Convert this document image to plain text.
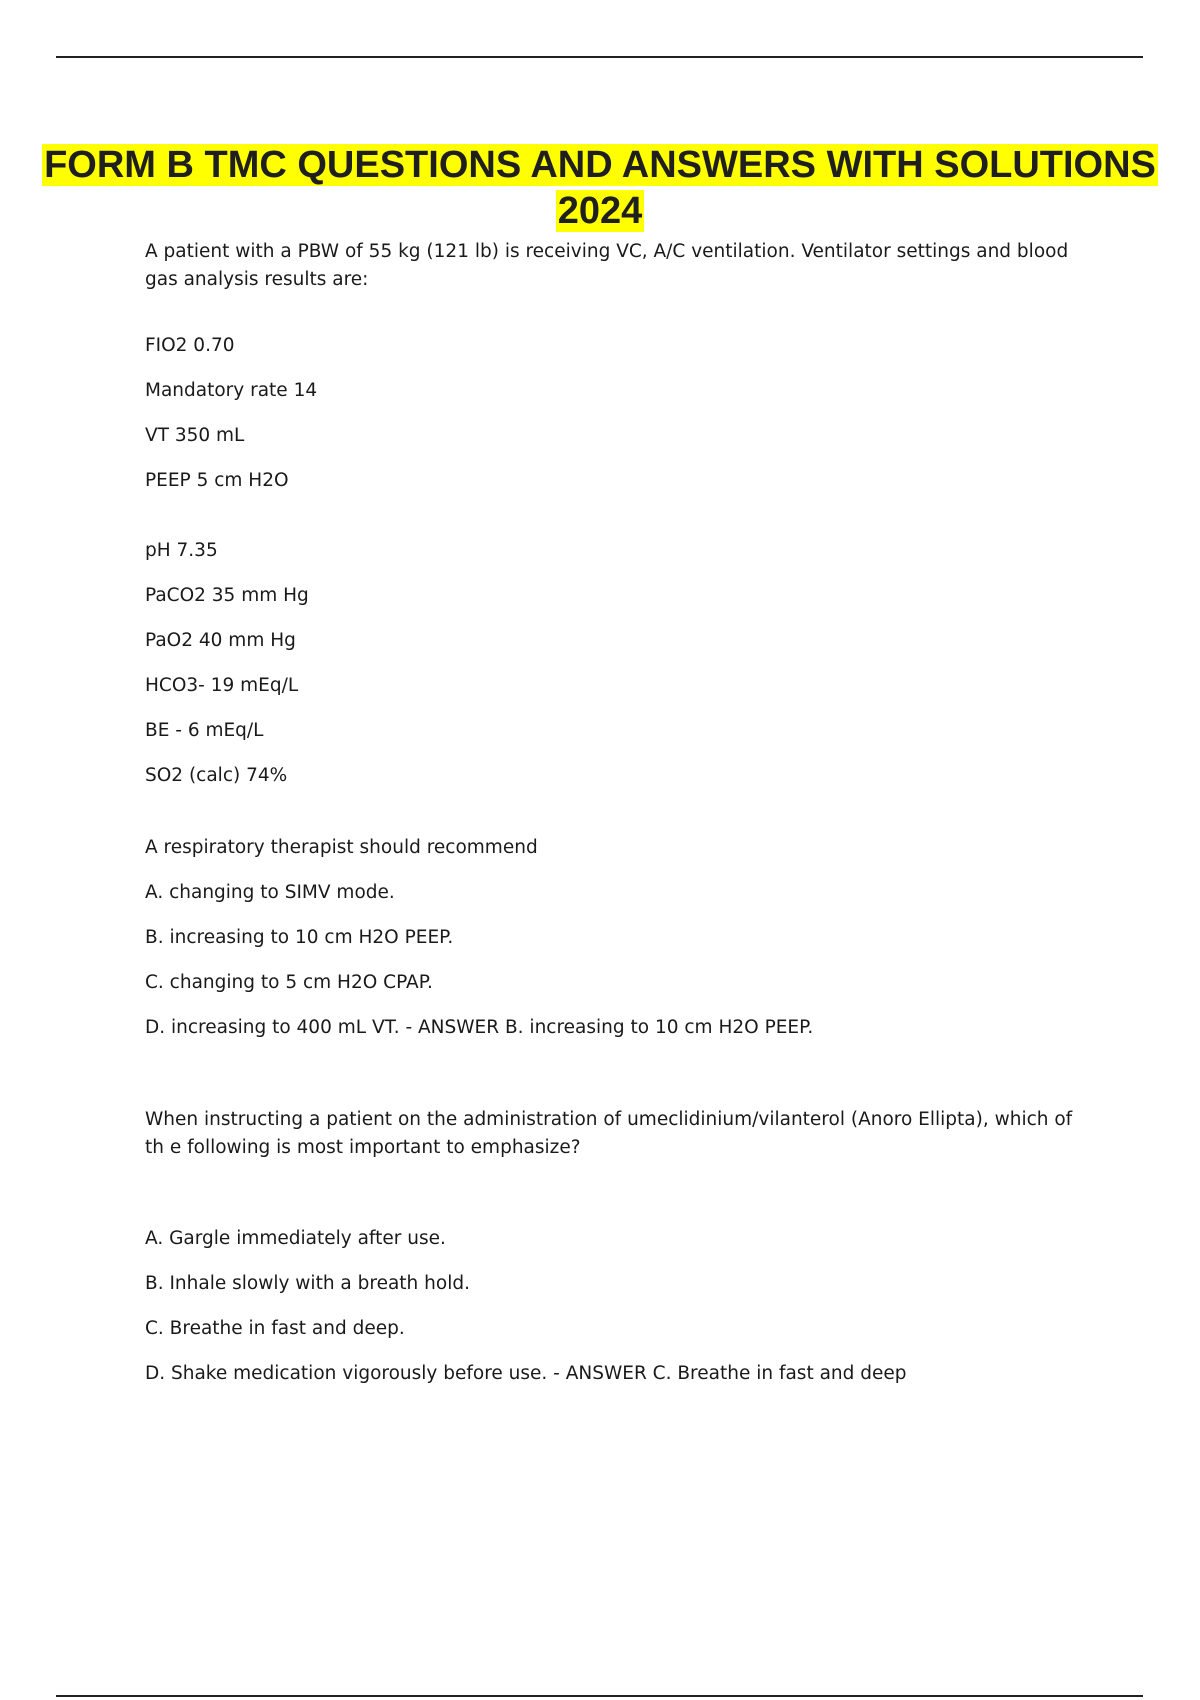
FORM B TMC QUESTIONS AND ANSWERS WITH SOLUTIONS 2024

A patient with a PBW of 55 kg (121 lb) is receiving VC, A/C ventilation. Ventilator settings and blood gas analysis results are:

FIO2 0.70

Mandatory rate 14

VT 350 mL

PEEP 5 cm H2O

pH 7.35

PaCO2 35 mm Hg

PaO2 40 mm Hg

HCO3- 19 mEq/L

BE - 6 mEq/L

SO2 (calc) 74%

A respiratory therapist should recommend

A. changing to SIMV mode.

B. increasing to 10 cm H2O PEEP.

C. changing to 5 cm H2O CPAP.

D. increasing to 400 mL VT. - ANSWER B. increasing to 10 cm H2O PEEP.

When instructing a patient on the administration of umeclidinium/vilanterol (Anoro Ellipta), which of th e following is most important to emphasize?

A. Gargle immediately after use.

B. Inhale slowly with a breath hold.

C. Breathe in fast and deep.

D. Shake medication vigorously before use. - ANSWER C. Breathe in fast and deep
